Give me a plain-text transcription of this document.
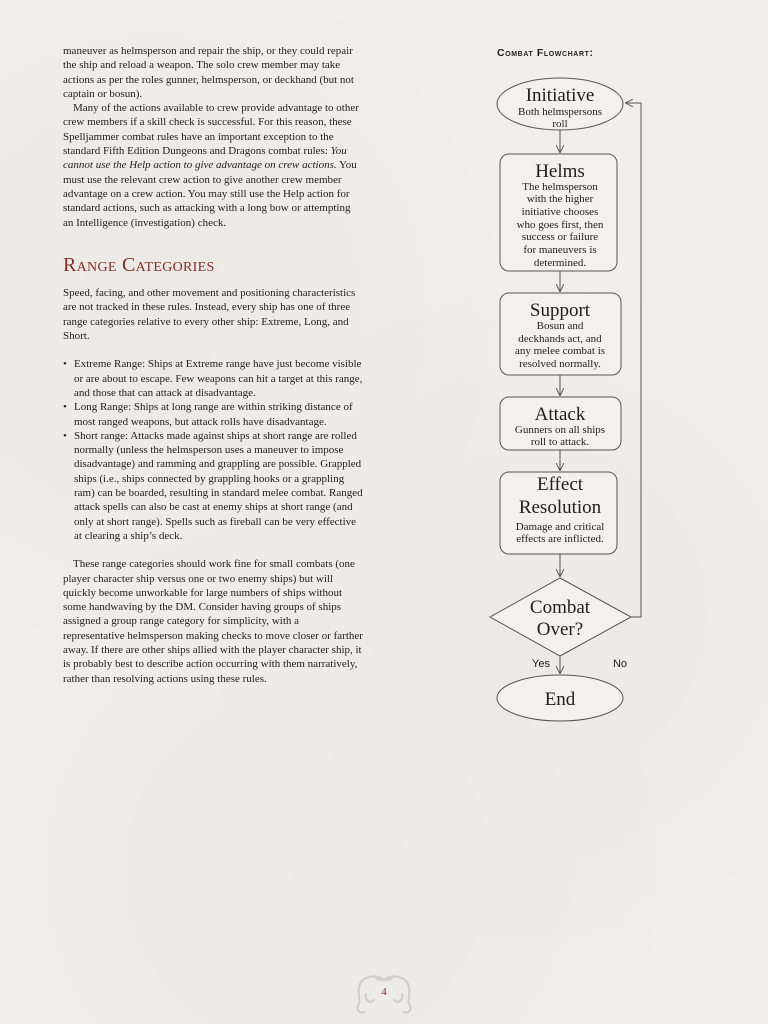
maneuver as helmsperson and repair the ship, or they could repair the ship and reload a weapon. The solo crew member may take actions as per the roles gunner, helmsperson, or deckhand (but not captain or bosun).

Many of the actions available to crew provide advantage to other crew members if a skill check is successful. For this reason, these Spelljammer combat rules have an important exception to the standard Fifth Edition Dungeons and Dragons combat rules: You cannot use the Help action to give advantage on crew actions. You must use the relevant crew action to give another crew member advantage on a crew action. You may still use the Help action for standard actions, such as attacking with a long bow or attempting an Intelligence (investigation) check.

Range Categories

Speed, facing, and other movement and positioning characteristics are not tracked in these rules. Instead, every ship has one of three range categories relative to every other ship: Extreme, Long, and Short.

• Extreme Range: Ships at Extreme range have just become visible or are about to escape. Few weapons can hit a target at this range, and those that can attack at disadvantage.
• Long Range: Ships at long range are within striking distance of most ranged weapons, but attack rolls have disadvantage.
• Short range: Attacks made against ships at short range are rolled normally (unless the helmsperson uses a maneuver to impose disadvantage) and ramming and grappling are possible. Grappled ships (i.e., ships connected by grappling hooks or a grappling ram) can be boarded, resulting in standard melee combat. Ranged attack spells can also be cast at enemy ships at short range (and only at short range). Spells such as fireball can be very effective at clearing a ship’s deck.

These range categories should work fine for small combats (one player character ship versus one or two enemy ships) but will quickly become unworkable for large numbers of ships without some handwaving by the DM. Consider having groups of ships assigned a group range category for simplicity, with a representative helmsperson making checks to move closer or farther away. If there are other ships allied with the player character ship, it is probably best to describe action occurring with them narratively, rather than resolving actions using these rules.

Combat Flowchart:
Initiative
Both helmspersons
roll
Helms
The helmsperson
with the higher
initiative chooses
who goes first, then
success or failure
for maneuvers is
determined.
Support
Bosun and
deckhands act, and
any melee combat is
resolved normally.
Attack
Gunners on all ships
roll to attack.
Effect
Resolution
Damage and critical
effects are inflicted.
Combat
Over?
Yes	No
End
4
